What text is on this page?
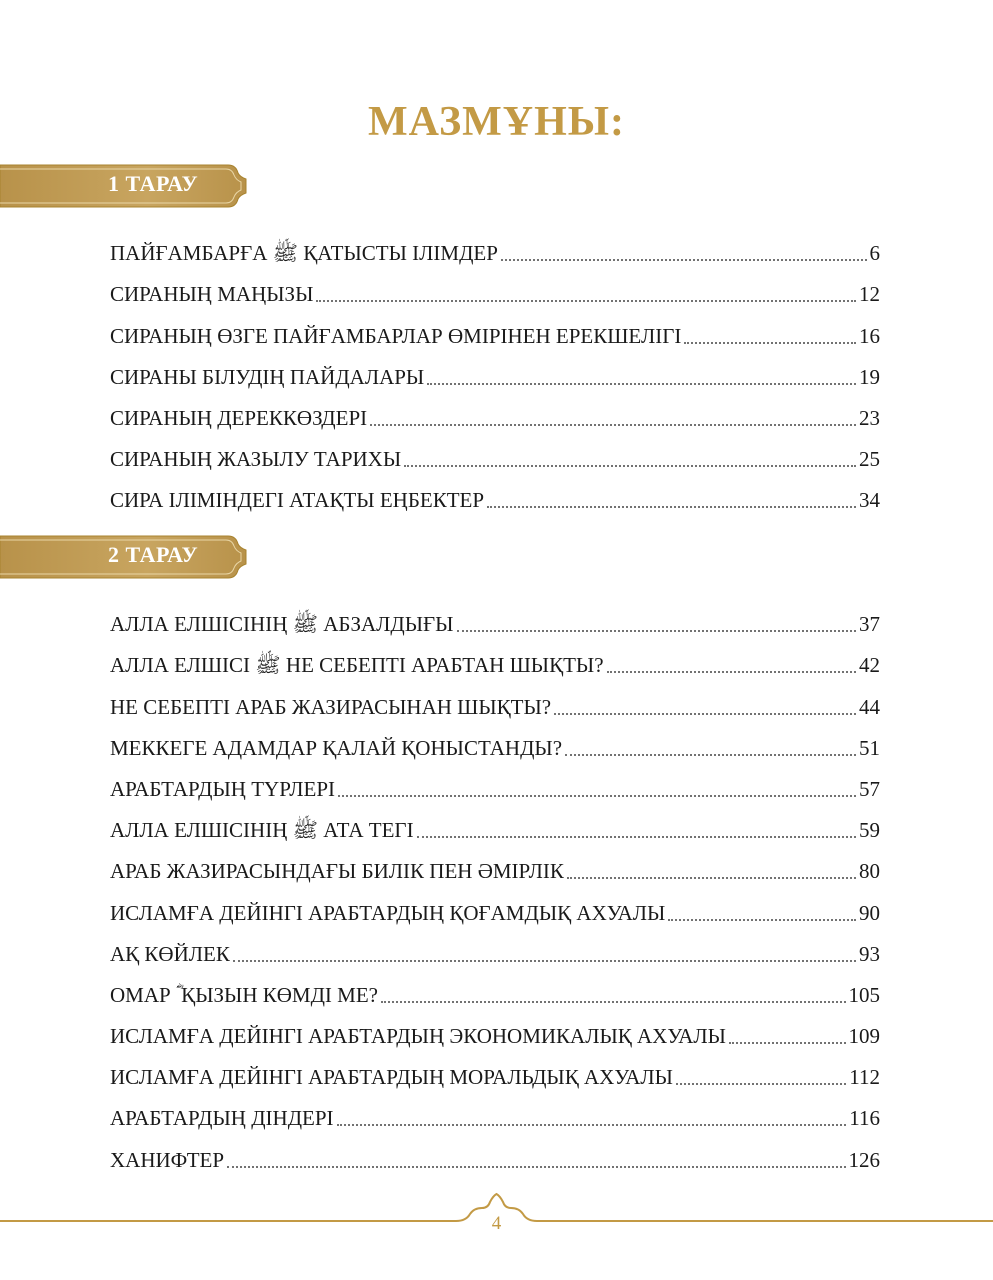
МАЗМҰНЫ:
1 ТАРАУ
ПАЙҒАМБАРҒА ﷺ ҚАТЫСТЫ ІЛІМДЕР	6
СИРАНЫҢ МАҢЫЗЫ	12
СИРАНЫҢ ӨЗГЕ ПАЙҒАМБАРЛАР ӨМІРІНЕН ЕРЕКШЕЛІГІ	16
СИРАНЫ БІЛУДІҢ ПАЙДАЛАРЫ	19
СИРАНЫҢ ДЕРЕККӨЗДЕРІ	23
СИРАНЫҢ ЖАЗЫЛУ ТАРИХЫ	25
СИРА ІЛІМІНДЕГІ АТАҚТЫ ЕҢБЕКТЕР	34
2 ТАРАУ
АЛЛА ЕЛШІСІНІҢ ﷺ АБЗАЛДЫҒЫ	37
АЛЛА ЕЛШІСІ ﷺ НЕ СЕБЕПТІ АРАБТАН ШЫҚТЫ?	42
НЕ СЕБЕПТІ АРАБ ЖАЗИРАСЫНАН ШЫҚТЫ?	44
МЕККЕГЕ АДАМДАР ҚАЛАЙ ҚОНЫСТАНДЫ?	51
АРАБТАРДЫҢ ТҮРЛЕРІ	57
АЛЛА ЕЛШІСІНІҢ ﷺ АТА ТЕГІ	59
АРАБ ЖАЗИРАСЫНДАҒЫ БИЛІК ПЕН ӘМІРЛІК	80
ИСЛАМҒА ДЕЙІНГІ АРАБТАРДЫҢ ҚОҒАМДЫҚ АХУАЛЫ	90
АҚ КӨЙЛЕК	93
ОМАР ؓ ҚЫЗЫН КӨМДІ МЕ?	105
ИСЛАМҒА ДЕЙІНГІ АРАБТАРДЫҢ ЭКОНОМИКАЛЫҚ АХУАЛЫ	109
ИСЛАМҒА ДЕЙІНГІ АРАБТАРДЫҢ МОРАЛЬДЫҚ АХУАЛЫ	112
АРАБТАРДЫҢ ДІНДЕРІ	116
ХАНИФТЕР	126
4
